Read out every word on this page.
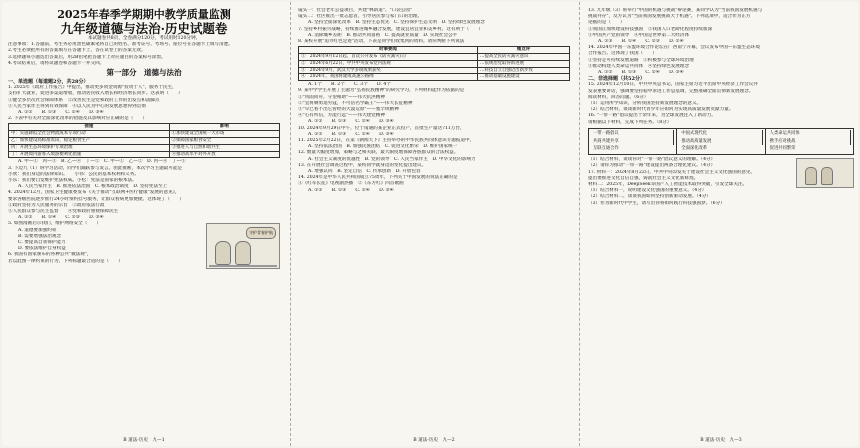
2025年春季学期期中教学质量监测
九年级道德与法治·历史试题卷
本试题卷共8页，全卷满分120分，考试用时120分钟。
注意事项：1.答题前，考生务必用黑色碳素笔将自己的姓名、准考证号、考场号、座位号在答题卡上填写清楚。
2.考生必须把所有的答案填写在答题卡上，答在试卷上的答案无效。
3.选择题每小题选出答案后，用2B铅笔把答题卡上对应题目的答案标号涂黑。
4.考试结束后，请将试题卷和答题卡一并交回。
第一部分　道德与法治
一、单选题（每道题2分，共28分）
1. 2025年《政府工作报告》中提出，推动更多资金资源"投资于人"，服务于民生，
支持扩大就业，促进多渠道增收，推动居民收入增长和经济增长同步。这表明（　　）
①健全多层次社会保障体系　②改善民生是党和政府工作的出发点和落脚点
③人民当家作主得到有效保障　④以人民为中心的发展思想得到贯彻
A. ①②　　B. ①③　　C. ②④　　D. ③④
2. 下表中有关对全面深化改革的措施及其影响对应正确的是（　　）
措施	影响
甲：实施降低全社会物流成本专项行动	①加快建设全国统一大市场
乙：加快建设高标准农田，稳定粮食生产	②保障国家粮食安全
丙：开展生态环境保护专项治理	③推进人与自然和谐共生
丁：开展境内游客入境游便利化措施	④推动高水平对外开放
A. 甲—①　丙—③　B. 乙—④　丁—②　C. 甲—①　乙—②　D. 丙—④　丁—③
3. 下边九（1）班学习活动，同学们踊跃参与发言。由此推断，本次学习主题最可能是
小欣：我们身边的法律知识。　　小伟：公民的基本权利和义务。
小乐：我们要自觉维护宪法权威。小松：宪法是国家的根本法。
A. 人民当家作主　B. 推进依法治国　C. 根本政治制度　D. 坚持宪法至上
4. 2024年12月，国家卫生健康委发布《关于推动"互联网+医疗健康"发展的意见》，
要求各级医院逐步推行24小时预约挂号服务，让群众看病更加便捷。这体现了（　　）
①政府坚持为人民服务的宗旨　②政府依法行政
③人民群众参与民主监督　　④党和政府重视保障民生
A. ①②　　B. ①④　　C. ②③　　D. ③④
守护青春护航
5. 如图漫画启示我们，维护网络安全（　　）
A. 道德要加强约束
B. 需要增强法治观念
C. 要提高自我保护能力
D. 要依法维护自身权益
6. 我国有国家颁布的各种公共"微法规"，
若以此图一律约束的行为，下列标题最合适的是（　　）
B 道法·历史　九—1
镜头一：社会老年公益项目，共建"林荫道"、"口袋公园"
镜头二：社区推出一批志愿者，引导居民参与家门口的治理。
A. 坚持全面深化改革　B. 坚持生态优先　C. 坚持保护生态文明　D. 坚持绿色发展理念
7. 坚持乡村振兴战略，持续推进城乡融合发展，建设宜居宜业和美乡村。这有利于（　　）
A. 消除城乡差距　B. 推动共同富裕　C. 提高就业质量　D. 实现社会公平
8. 某校开展"追寻红色足迹"活动，下表是同学们收集到的资料。请你判断下列说法
时事要闻	微点评
①　2024年9月12日起，首次公开发布《防灾减灾日》	…提高全民防灾减灾意识
②　2024年6月22日，中共中央发布党内法规	…依规治党取得新进展
③　2024年9月，武汉大学多项成果获奖	…科技自立自强迈出新步伐
④　2024年，我国将建成高速公路网	…推动基础设施建设
A. 1个　　B. 2个　　C. 3个　　D. 4个
9. 某中学学生开展了主题为"弘扬民族精神"的研究学习，下列材料能作为依据的是
①"风雨同舟，守望相助"——伟大抗洪精神
②"宜将剩勇追穷寇，不可沽名学霸王"——伟大长征精神
③"早已看不出它曾经的大漠荒原"——塞罕坝精神
④"心有所信，方能行远"——伟大建党精神
A. ①②　　B. ①③　　C. ②④　　D. ③④
10. 2024年9月29日中午，位于南通的某企业正式投产，首批生产量达711万台，
A. ①②　　B. ①③　　C. ②④　　D. ③④
11. 2025年2月22日，在第《朝闻天下》主持举办的中华民族共同体意识专题报道中，
A. 坚持依法治国　B. 加强民族团结　C. 促进文化繁荣　D. 维护国家统一
12. 数量大幅度增加，策略与之相关联，最大限度地保障各族群众的合法权益。
A. 社会主义制度的优越性　B. 党的领导　C. 人民当家作主　D. 中华文化的影响力
13. 在开展社会调查过程中，某校同学就身边的变化提出建议。
A. 增强认同　B. 坚定自信　C. 传承创新　D. 开放包容
14. 2024年是中华人民共和国成立75周年，下列关于中国发展的说法正确的是
①《红军长征》电视剧热播　②《东方红》四首歌曲
A. ①②　　B. ①③　　C. ②④　　D. ③④
B 道法·历史　九—2
13. 九年级（3）班举行"中国的机遇与挑战"辩论赛，某同学认为"当前我国发展机遇与
挑战并存"，反方认为"当前我国发展挑战大于机遇"。下列选项中，适合作为正方
论据的是（　　）
①我国正加快建设科技强国　②我国人口老龄化程度持续加深
③中国共产党的领导　④中国是世界第二大经济体
A. ①③　　B. ①④　　C. ②③　　D. ②④
14. 2024年中国一东盟环境合作论坛在广西南宁开幕，会议发布中国—东盟生态环境
合作报告。这体现了我国（　　）
①坚持走可持续发展道路　②积极参与全球环境治理
③推动构建人类命运共同体　④坚持绿色发展理念
A. ①②　　B. ①③　　C. ②④　　D. ③④
二、非选择题（共52分）
15. 2024年12月10日，中共中央总书记、国家主席习近平出席中央经济工作会议并
发表重要讲话，强调要坚持稳中求进工作总基调，完整准确全面贯彻新发展理念。
阅读材料，回答问题。（6分）
（1）运用所学知识，分析我国坚持新发展理念的意义。
（2）结合材料，谈谈新时代青少年应如何为实现高质量发展贡献力量。
16. "一带一路"倡议提出十余年来，为全球发展注入了新动力。
请根据以下材料，完成下列任务。（8分）
一带一路倡议
共商共建共享
互联互通合作
中国式现代化
推动高质量发展
全面深化改革
人类命运共同体
携手应对挑战
促进共同繁荣
（1）结合材料，谈谈你对"一带一路"倡议意义的理解。（4分）
（2）请你为推动"一带一路"建设提出两条合理化建议。（4分）
17. 材料一：2024年8月22日，中共中央印发关于建设社会主义文化强国的意见，
提出要推进文化自信自强，铸就社会主义文化新辉煌。
材料二：2025年，DeepSeek等国产人工智能技术取得突破，引发全球关注。
（1）结合材料一，说明建设文化强国的重要意义。（4分）
（2）结合材料二，谈谈我国如何坚持创新驱动发展。（4分）
（3）作为新时代中学生，请写出你将如何践行科技强国梦。（6分）
B 道法·历史　九—3
